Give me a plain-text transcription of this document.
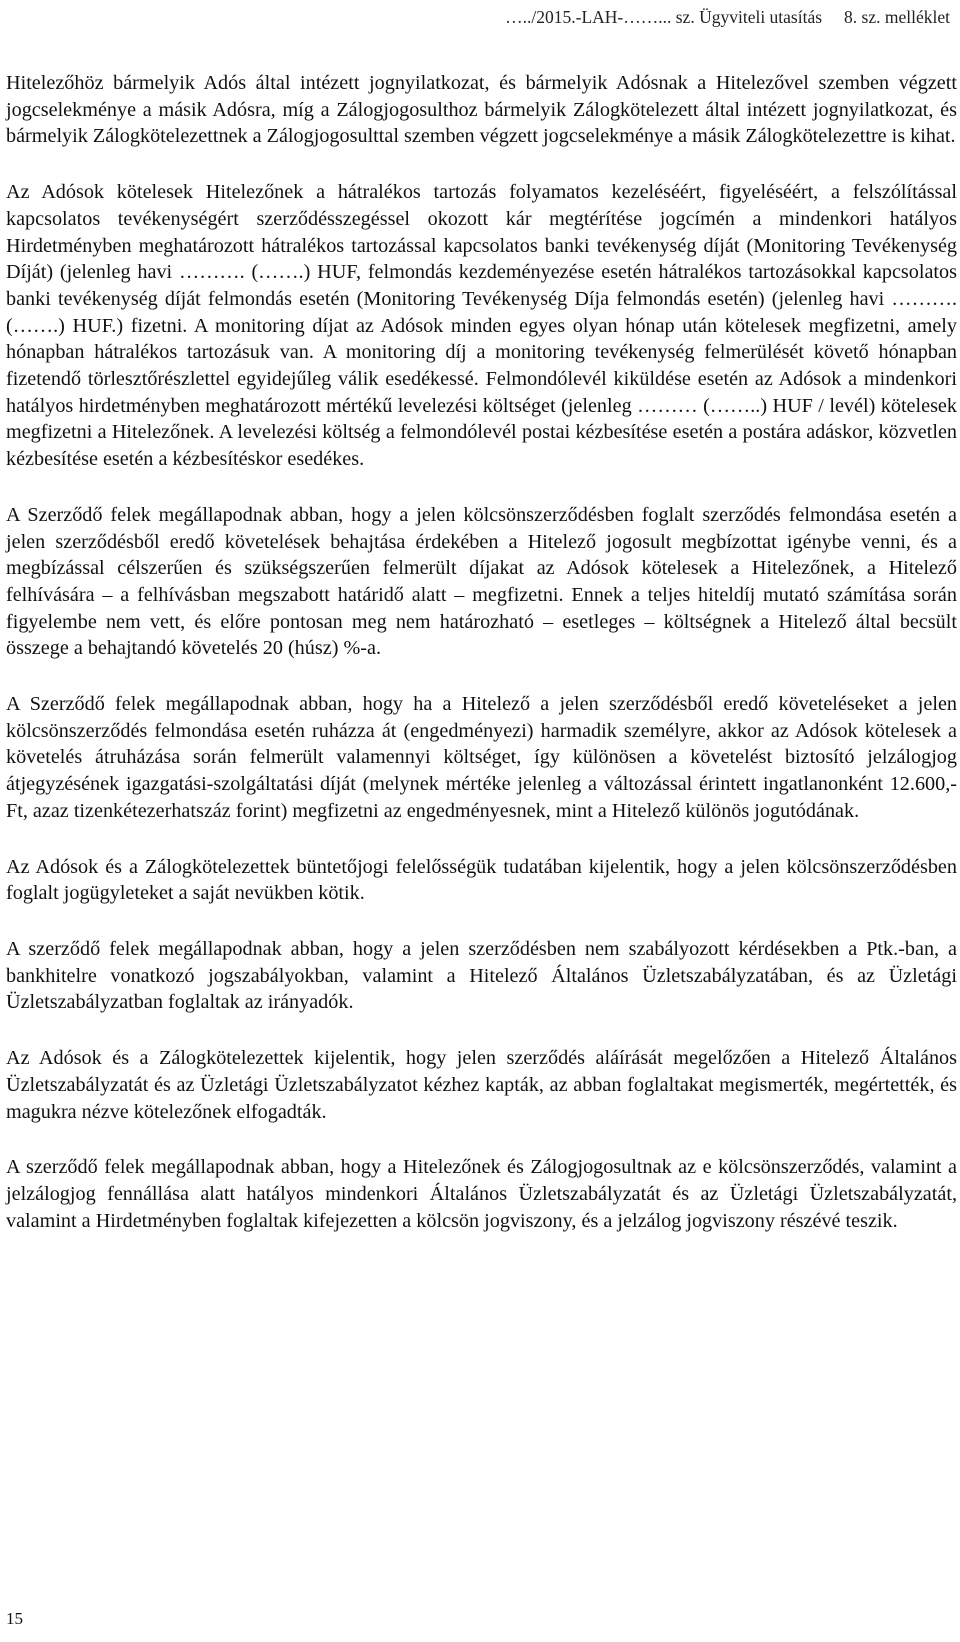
…../2015.-LAH-……... sz. Ügyviteli utasítás 8. sz. melléklet

Hitelezőhöz bármelyik Adós által intézett jognyilatkozat, és bármelyik Adósnak a Hitelezővel szemben végzett jogcselekménye a másik Adósra, míg a Zálogjogosulthoz bármelyik Zálogkötelezett által intézett jognyilatkozat, és bármelyik Zálogkötelezettnek a Zálogjogosulttal szemben végzett jogcselekménye a másik Zálogkötelezettre is kihat.

Az Adósok kötelesek Hitelezőnek a hátralékos tartozás folyamatos kezeléséért, figyeléséért, a felszólítással kapcsolatos tevékenységért szerződésszegéssel okozott kár megtérítése jogcímén a mindenkori hatályos Hirdetményben meghatározott hátralékos tartozással kapcsolatos banki tevékenység díját (Monitoring Tevékenység Díját) (jelenleg havi ………. (…….) HUF, felmondás kezdeményezése esetén hátralékos tartozásokkal kapcsolatos banki tevékenység díját felmondás esetén (Monitoring Tevékenység Díja felmondás esetén) (jelenleg havi ………. (…….) HUF.) fizetni. A monitoring díjat az Adósok minden egyes olyan hónap után kötelesek megfizetni, amely hónapban hátralékos tartozásuk van. A monitoring díj a monitoring tevékenység felmerülését követő hónapban fizetendő törlesztőrészlettel egyidejűleg válik esedékessé. Felmondólevél kiküldése esetén az Adósok a mindenkori hatályos hirdetményben meghatározott mértékű levelezési költséget (jelenleg ……… (……..) HUF / levél) kötelesek megfizetni a Hitelezőnek. A levelezési költség a felmondólevél postai kézbesítése esetén a postára adáskor, közvetlen kézbesítése esetén a kézbesítéskor esedékes.

A Szerződő felek megállapodnak abban, hogy a jelen kölcsönszerződésben foglalt szerződés felmondása esetén a jelen szerződésből eredő követelések behajtása érdekében a Hitelező jogosult megbízottat igénybe venni, és a megbízással célszerűen és szükségszerűen felmerült díjakat az Adósok kötelesek a Hitelezőnek, a Hitelező felhívására – a felhívásban megszabott határidő alatt – megfizetni. Ennek a teljes hiteldíj mutató számítása során figyelembe nem vett, és előre pontosan meg nem határozható – esetleges – költségnek a Hitelező által becsült összege a behajtandó követelés 20 (húsz) %-a.

A Szerződő felek megállapodnak abban, hogy ha a Hitelező a jelen szerződésből eredő követeléseket a jelen kölcsönszerződés felmondása esetén ruházza át (engedményezi) harmadik személyre, akkor az Adósok kötelesek a követelés átruházása során felmerült valamennyi költséget, így különösen a követelést biztosító jelzálogjog átjegyzésének igazgatási-szolgáltatási díját (melynek mértéke jelenleg a változással érintett ingatlanonként 12.600,-Ft, azaz tizenkétezerhatszáz forint) megfizetni az engedményesnek, mint a Hitelező különös jogutódának.

Az Adósok és a Zálogkötelezettek büntetőjogi felelősségük tudatában kijelentik, hogy a jelen kölcsönszerződésben foglalt jogügyleteket a saját nevükben kötik.

A szerződő felek megállapodnak abban, hogy a jelen szerződésben nem szabályozott kérdésekben a Ptk.-ban, a bankhitelre vonatkozó jogszabályokban, valamint a Hitelező Általános Üzletszabályzatában, és az Üzletági Üzletszabályzatban foglaltak az irányadók.

Az Adósok és a Zálogkötelezettek kijelentik, hogy jelen szerződés aláírását megelőzően a Hitelező Általános Üzletszabályzatát és az Üzletági Üzletszabályzatot kézhez kapták, az abban foglaltakat megismerték, megértették, és magukra nézve kötelezőnek elfogadták.

A szerződő felek megállapodnak abban, hogy a Hitelezőnek és Zálogjogosultnak az e kölcsönszerződés, valamint a jelzálogjog fennállása alatt hatályos mindenkori Általános Üzletszabályzatát és az Üzletági Üzletszabályzatát, valamint a Hirdetményben foglaltak kifejezetten a kölcsön jogviszony, és a jelzálog jogviszony részévé teszik.

15
